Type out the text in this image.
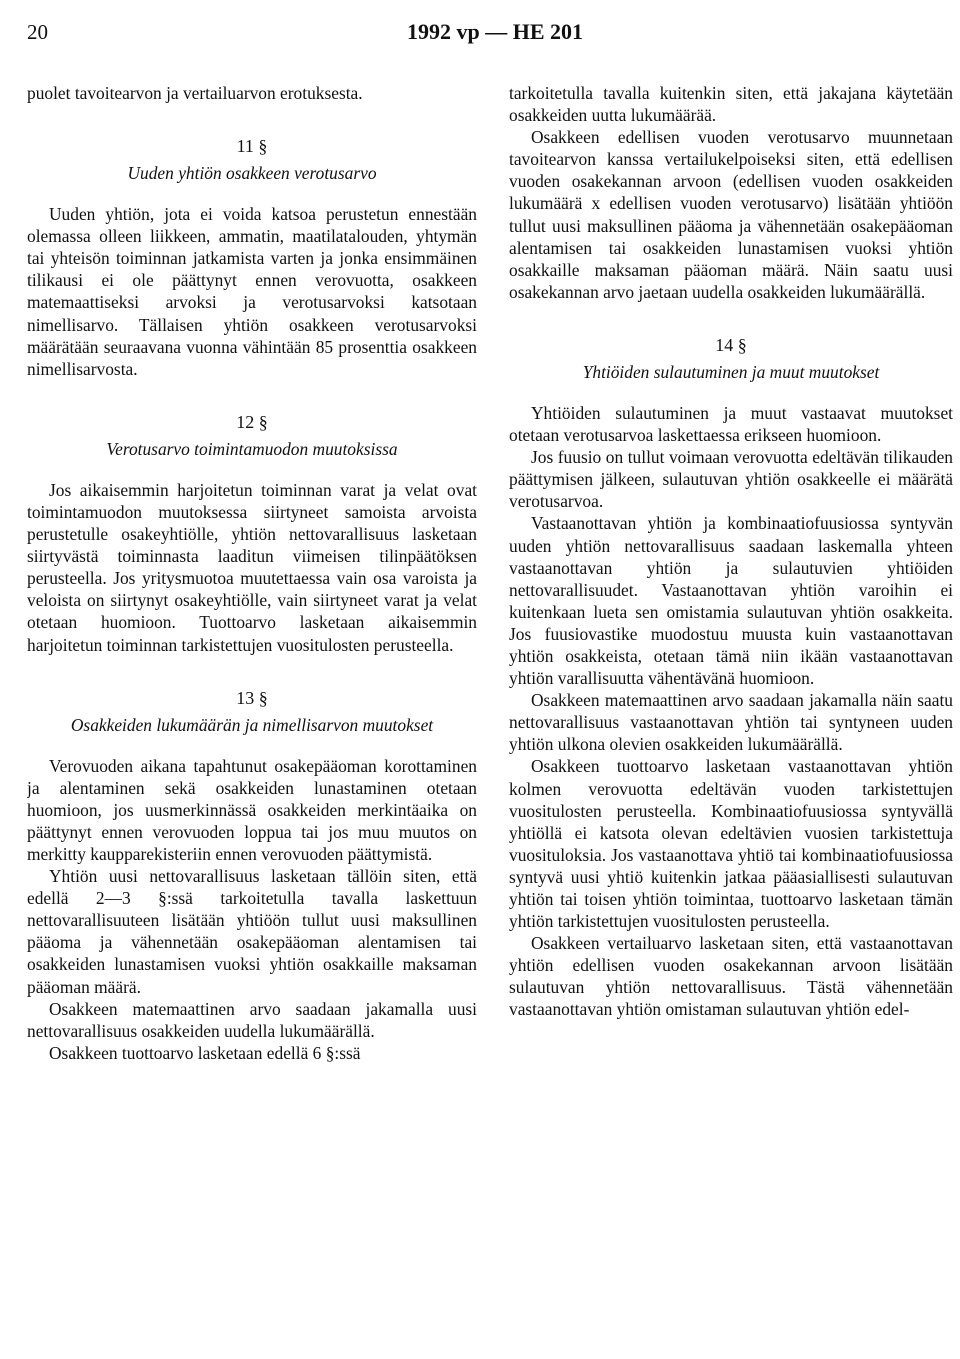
20	1992 vp — HE 201

puolet tavoitearvon ja vertailuarvon erotuksesta.

11 §
Uuden yhtiön osakkeen verotusarvo

Uuden yhtiön, jota ei voida katsoa perustetun ennestään olemassa olleen liikkeen, ammatin, maatilatalouden, yhtymän tai yhteisön toiminnan jatkamista varten ja jonka ensimmäinen tilikausi ei ole päättynyt ennen verovuotta, osakkeen matemaattiseksi arvoksi ja verotusarvoksi katsotaan nimellisarvo. Tällaisen yhtiön osakkeen verotusarvoksi määrätään seuraavana vuonna vähintään 85 prosenttia osakkeen nimellisarvosta.

12 §
Verotusarvo toimintamuodon muutoksissa

Jos aikaisemmin harjoitetun toiminnan varat ja velat ovat toimintamuodon muutoksessa siirtyneet samoista arvoista perustetulle osakeyhtiölle, yhtiön nettovarallisuus lasketaan siirtyvästä toiminnasta laaditun viimeisen tilinpäätöksen perusteella. Jos yritysmuotoa muutettaessa vain osa varoista ja veloista on siirtynyt osakeyhtiölle, vain siirtyneet varat ja velat otetaan huomioon. Tuottoarvo lasketaan aikaisemmin harjoitetun toiminnan tarkistettujen vuositulosten perusteella.

13 §
Osakkeiden lukumäärän ja nimellisarvon muutokset

Verovuoden aikana tapahtunut osakepääoman korottaminen ja alentaminen sekä osakkeiden lunastaminen otetaan huomioon, jos uusmerkinnässä osakkeiden merkintäaika on päättynyt ennen verovuoden loppua tai jos muu muutos on merkitty kaupparekisteriin ennen verovuoden päättymistä.

Yhtiön uusi nettovarallisuus lasketaan tällöin siten, että edellä 2—3 §:ssä tarkoitetulla tavalla laskettuun nettovarallisuuteen lisätään yhtiöön tullut uusi maksullinen pääoma ja vähennetään osakepääoman alentamisen tai osakkeiden lunastamisen vuoksi yhtiön osakkaille maksaman pääoman määrä.

Osakkeen matemaattinen arvo saadaan jakamalla uusi nettovarallisuus osakkeiden uudella lukumäärällä.

Osakkeen tuottoarvo lasketaan edellä 6 §:ssä

tarkoitetulla tavalla kuitenkin siten, että jakajana käytetään osakkeiden uutta lukumäärää.

Osakkeen edellisen vuoden verotusarvo muunnetaan tavoitearvon kanssa vertailukelpoiseksi siten, että edellisen vuoden osakekannan arvoon (edellisen vuoden osakkeiden lukumäärä x edellisen vuoden verotusarvo) lisätään yhtiöön tullut uusi maksullinen pääoma ja vähennetään osakepääoman alentamisen tai osakkeiden lunastamisen vuoksi yhtiön osakkaille maksaman pääoman määrä. Näin saatu uusi osakekannan arvo jaetaan uudella osakkeiden lukumäärällä.

14 §
Yhtiöiden sulautuminen ja muut muutokset

Yhtiöiden sulautuminen ja muut vastaavat muutokset otetaan verotusarvoa laskettaessa erikseen huomioon.

Jos fuusio on tullut voimaan verovuotta edeltävän tilikauden päättymisen jälkeen, sulautuvan yhtiön osakkeelle ei määrätä verotusarvoa.

Vastaanottavan yhtiön ja kombinaatiofuusiossa syntyvän uuden yhtiön nettovarallisuus saadaan laskemalla yhteen vastaanottavan yhtiön ja sulautuvien yhtiöiden nettovarallisuudet. Vastaanottavan yhtiön varoihin ei kuitenkaan lueta sen omistamia sulautuvan yhtiön osakkeita. Jos fuusiovastike muodostuu muusta kuin vastaanottavan yhtiön osakkeista, otetaan tämä niin ikään vastaanottavan yhtiön varallisuutta vähentävänä huomioon.

Osakkeen matemaattinen arvo saadaan jakamalla näin saatu nettovarallisuus vastaanottavan yhtiön tai syntyneen uuden yhtiön ulkona olevien osakkeiden lukumäärällä.

Osakkeen tuottoarvo lasketaan vastaanottavan yhtiön kolmen verovuotta edeltävän vuoden tarkistettujen vuositulosten perusteella. Kombinaatiofuusiossa syntyvällä yhtiöllä ei katsota olevan edeltävien vuosien tarkistettuja vuosituloksia. Jos vastaanottava yhtiö tai kombinaatiofuusiossa syntyvä uusi yhtiö kuitenkin jatkaa pääasiallisesti sulautuvan yhtiön tai toisen yhtiön toimintaa, tuottoarvo lasketaan tämän yhtiön tarkistettujen vuositulosten perusteella.

Osakkeen vertailuarvo lasketaan siten, että vastaanottavan yhtiön edellisen vuoden osakekannan arvoon lisätään sulautuvan yhtiön nettovarallisuus. Tästä vähennetään vastaanottavan yhtiön omistaman sulautuvan yhtiön edel-
